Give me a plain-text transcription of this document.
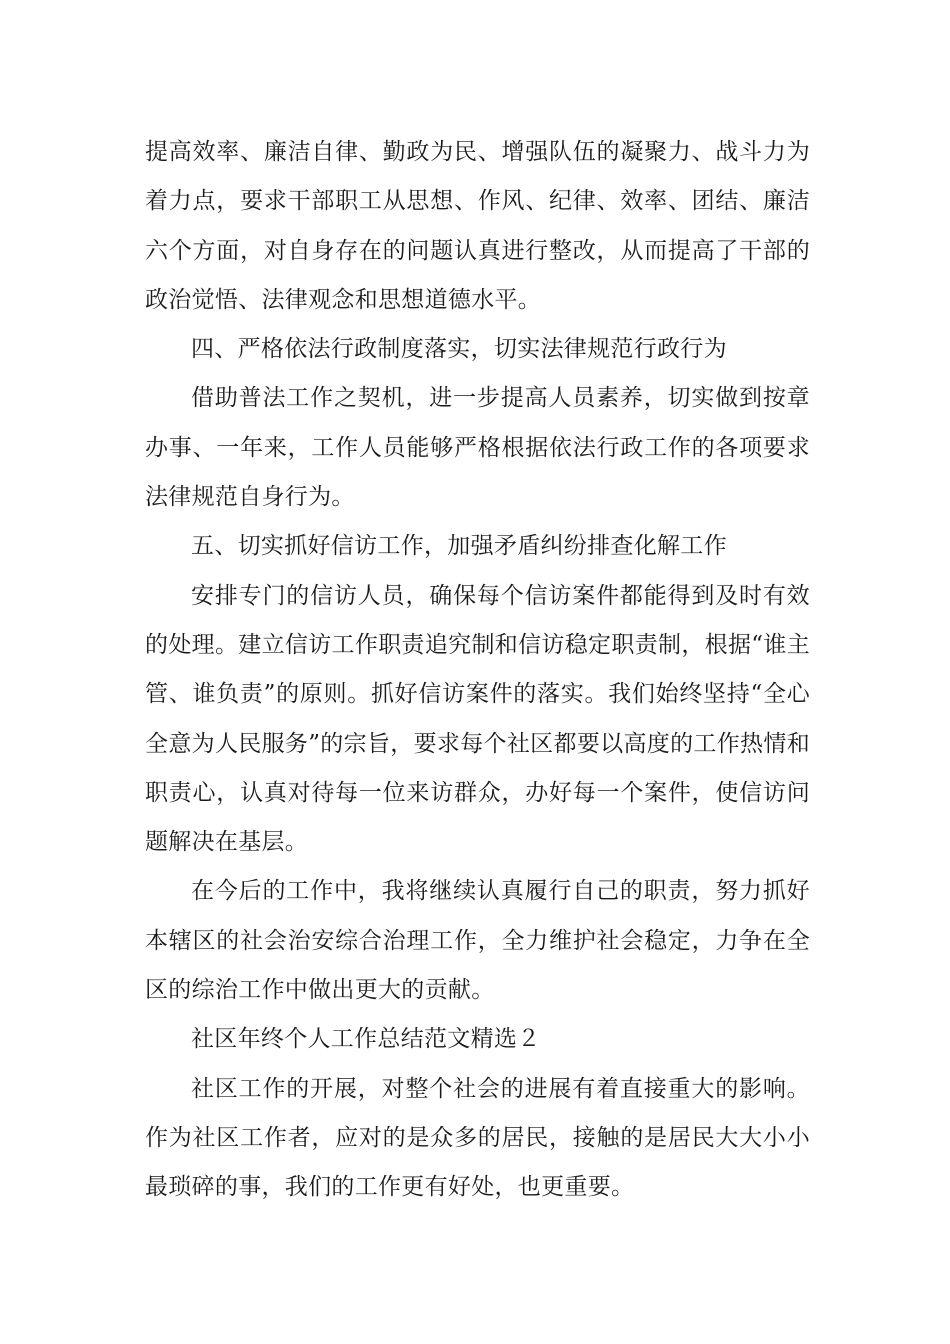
提高效率、廉洁自律、勤政为民、增强队伍的凝聚力、战斗力为着力点，要求干部职工从思想、作风、纪律、效率、团结、廉洁六个方面，对自身存在的问题认真进行整改，从而提高了干部的政治觉悟、法律观念和思想道德水平。

四、严格依法行政制度落实，切实法律规范行政行为

借助普法工作之契机，进一步提高人员素养，切实做到按章办事、一年来，工作人员能够严格根据依法行政工作的各项要求法律规范自身行为。

五、切实抓好信访工作，加强矛盾纠纷排查化解工作

安排专门的信访人员，确保每个信访案件都能得到及时有效的处理。建立信访工作职责追究制和信访稳定职责制，根据“谁主管、谁负责”的原则。抓好信访案件的落实。我们始终坚持“全心全意为人民服务”的宗旨，要求每个社区都要以高度的工作热情和职责心，认真对待每一位来访群众，办好每一个案件，使信访问题解决在基层。

在今后的工作中，我将继续认真履行自己的职责，努力抓好本辖区的社会治安综合治理工作，全力维护社会稳定，力争在全区的综治工作中做出更大的贡献。

社区年终个人工作总结范文精选２

社区工作的开展，对整个社会的进展有着直接重大的影响。作为社区工作者，应对的是众多的居民，接触的是居民大大小小最琐碎的事，我们的工作更有好处，也更重要。
